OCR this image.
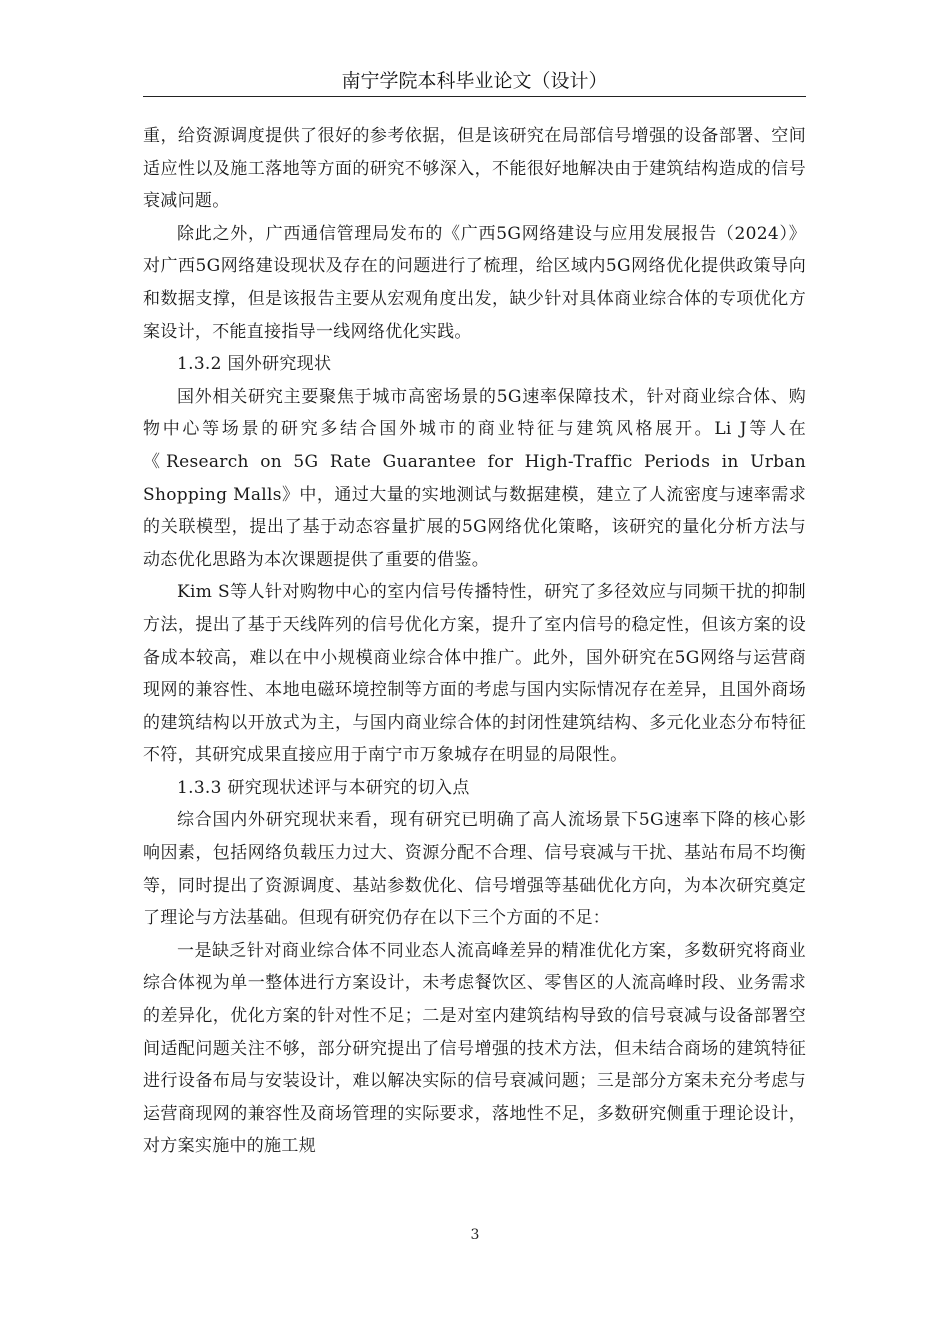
南宁学院本科毕业论文（设计）

重，给资源调度提供了很好的参考依据，但是该研究在局部信号增强的设备部署、空间适应性以及施工落地等方面的研究不够深入，不能很好地解决由于建筑结构造成的信号衰减问题。

除此之外，广西通信管理局发布的《广西5G网络建设与应用发展报告（2024）》对广西5G网络建设现状及存在的问题进行了梳理，给区域内5G网络优化提供政策导向和数据支撑，但是该报告主要从宏观角度出发，缺少针对具体商业综合体的专项优化方案设计，不能直接指导一线网络优化实践。

1.3.2 国外研究现状

国外相关研究主要聚焦于城市高密场景的5G速率保障技术，针对商业综合体、购物中心等场景的研究多结合国外城市的商业特征与建筑风格展开。Li J等人在《Research on 5G Rate Guarantee for High-Traffic Periods in Urban Shopping Malls》中，通过大量的实地测试与数据建模，建立了人流密度与速率需求的关联模型，提出了基于动态容量扩展的5G网络优化策略，该研究的量化分析方法与动态优化思路为本次课题提供了重要的借鉴。

Kim S等人针对购物中心的室内信号传播特性，研究了多径效应与同频干扰的抑制方法，提出了基于天线阵列的信号优化方案，提升了室内信号的稳定性，但该方案的设备成本较高，难以在中小规模商业综合体中推广。此外，国外研究在5G网络与运营商现网的兼容性、本地电磁环境控制等方面的考虑与国内实际情况存在差异，且国外商场的建筑结构以开放式为主，与国内商业综合体的封闭性建筑结构、多元化业态分布特征不符，其研究成果直接应用于南宁市万象城存在明显的局限性。

1.3.3 研究现状述评与本研究的切入点

综合国内外研究现状来看，现有研究已明确了高人流场景下5G速率下降的核心影响因素，包括网络负载压力过大、资源分配不合理、信号衰减与干扰、基站布局不均衡等，同时提出了资源调度、基站参数优化、信号增强等基础优化方向，为本次研究奠定了理论与方法基础。但现有研究仍存在以下三个方面的不足：

一是缺乏针对商业综合体不同业态人流高峰差异的精准优化方案，多数研究将商业综合体视为单一整体进行方案设计，未考虑餐饮区、零售区的人流高峰时段、业务需求的差异化，优化方案的针对性不足；二是对室内建筑结构导致的信号衰减与设备部署空间适配问题关注不够，部分研究提出了信号增强的技术方法，但未结合商场的建筑特征进行设备布局与安装设计，难以解决实际的信号衰减问题；三是部分方案未充分考虑与运营商现网的兼容性及商场管理的实际要求，落地性不足，多数研究侧重于理论设计，对方案实施中的施工规

3
